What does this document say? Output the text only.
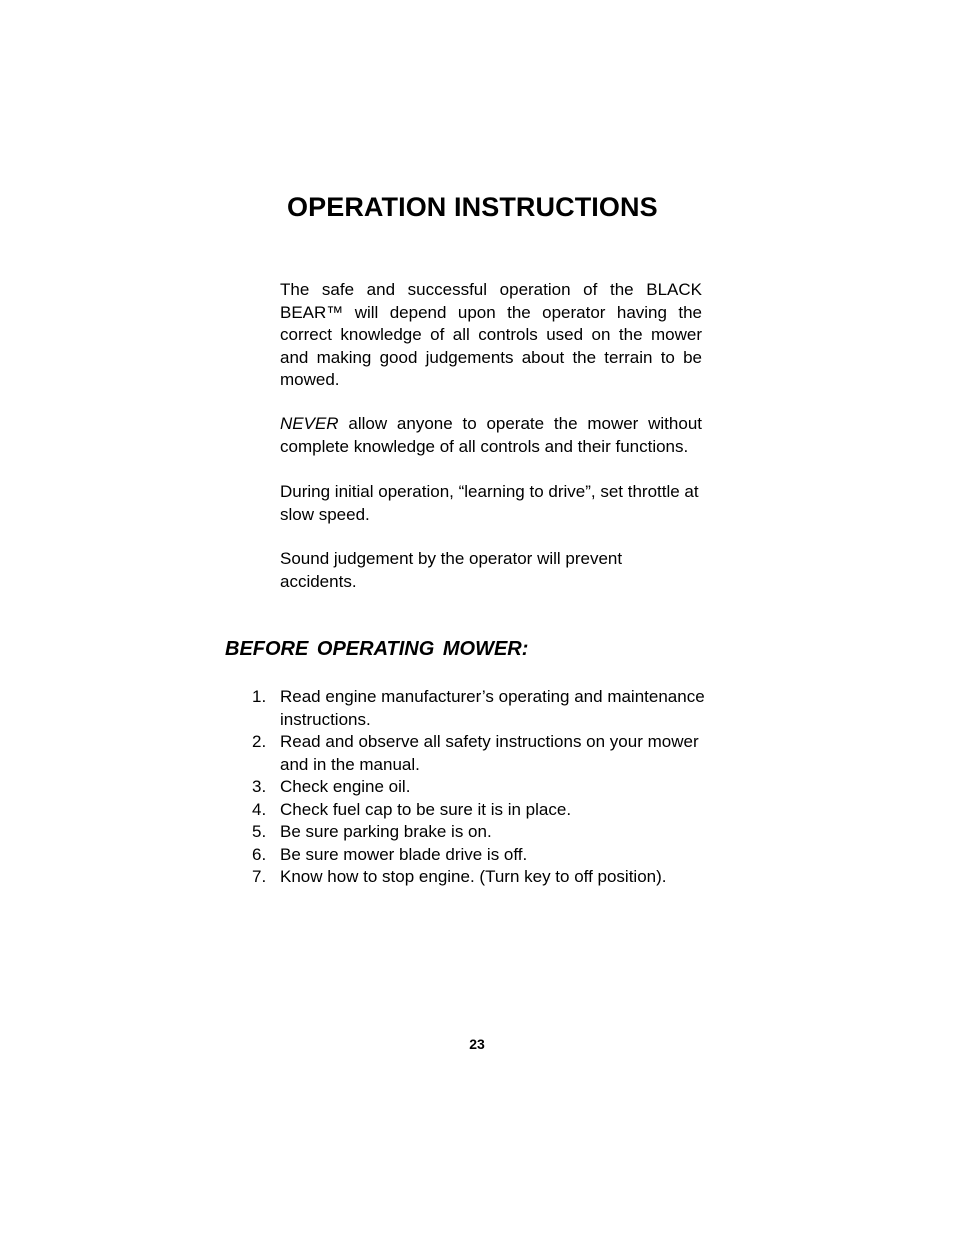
OPERATION INSTRUCTIONS

The safe and successful operation of the BLACK BEAR™ will depend upon the operator having the correct knowledge of all controls used on the mower and making good judgements about the terrain to be mowed.

NEVER allow anyone to operate the mower without complete knowledge of all controls and their functions.

During initial operation, “learning to drive”, set throttle at slow speed.

Sound judgement by the operator will prevent accidents.

BEFORE OPERATING MOWER:
1. Read engine manufacturer’s operating and maintenance instructions.
2. Read and observe all safety instructions on your mower and in the manual.
3. Check engine oil.
4. Check fuel cap to be sure it is in place.
5. Be sure parking brake is on.
6. Be sure mower blade drive is off.
7. Know how to stop engine. (Turn key to off position).
23
